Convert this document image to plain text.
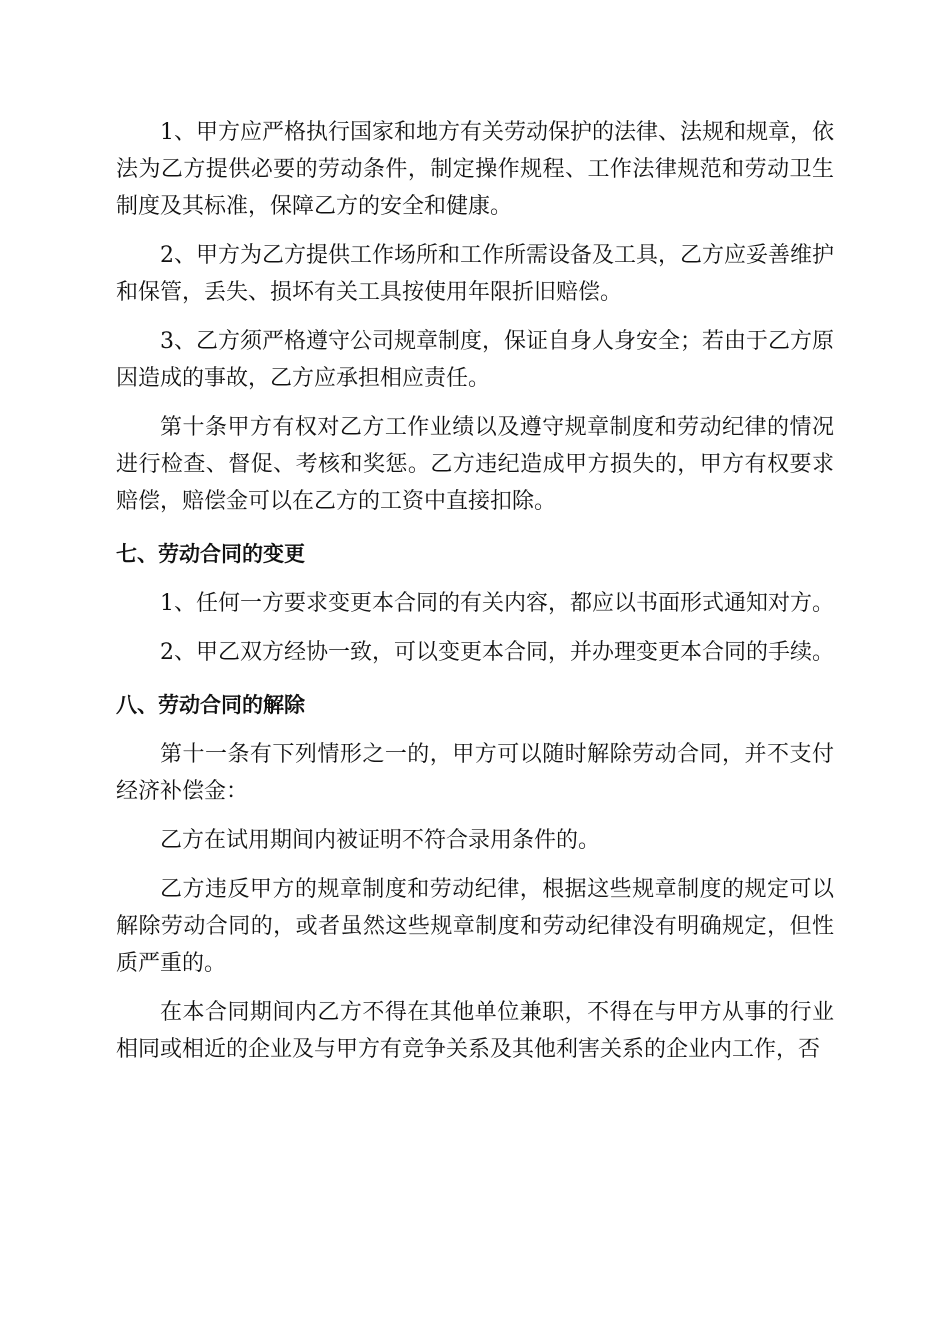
1、甲方应严格执行国家和地方有关劳动保护的法律、法规和规章，依法为乙方提供必要的劳动条件，制定操作规程、工作法律规范和劳动卫生制度及其标准，保障乙方的安全和健康。

2、甲方为乙方提供工作场所和工作所需设备及工具，乙方应妥善维护和保管，丢失、损坏有关工具按使用年限折旧赔偿。

3、乙方须严格遵守公司规章制度，保证自身人身安全；若由于乙方原因造成的事故，乙方应承担相应责任。

第十条甲方有权对乙方工作业绩以及遵守规章制度和劳动纪律的情况进行检查、督促、考核和奖惩。乙方违纪造成甲方损失的，甲方有权要求赔偿，赔偿金可以在乙方的工资中直接扣除。

七、劳动合同的变更

1、任何一方要求变更本合同的有关内容，都应以书面形式通知对方。

2、甲乙双方经协一致，可以变更本合同，并办理变更本合同的手续。

八、劳动合同的解除

第十一条有下列情形之一的，甲方可以随时解除劳动合同，并不支付经济补偿金：

乙方在试用期间内被证明不符合录用条件的。

乙方违反甲方的规章制度和劳动纪律，根据这些规章制度的规定可以解除劳动合同的，或者虽然这些规章制度和劳动纪律没有明确规定，但性质严重的。

在本合同期间内乙方不得在其他单位兼职，不得在与甲方从事的行业相同或相近的企业及与甲方有竞争关系及其他利害关系的企业内工作，否
